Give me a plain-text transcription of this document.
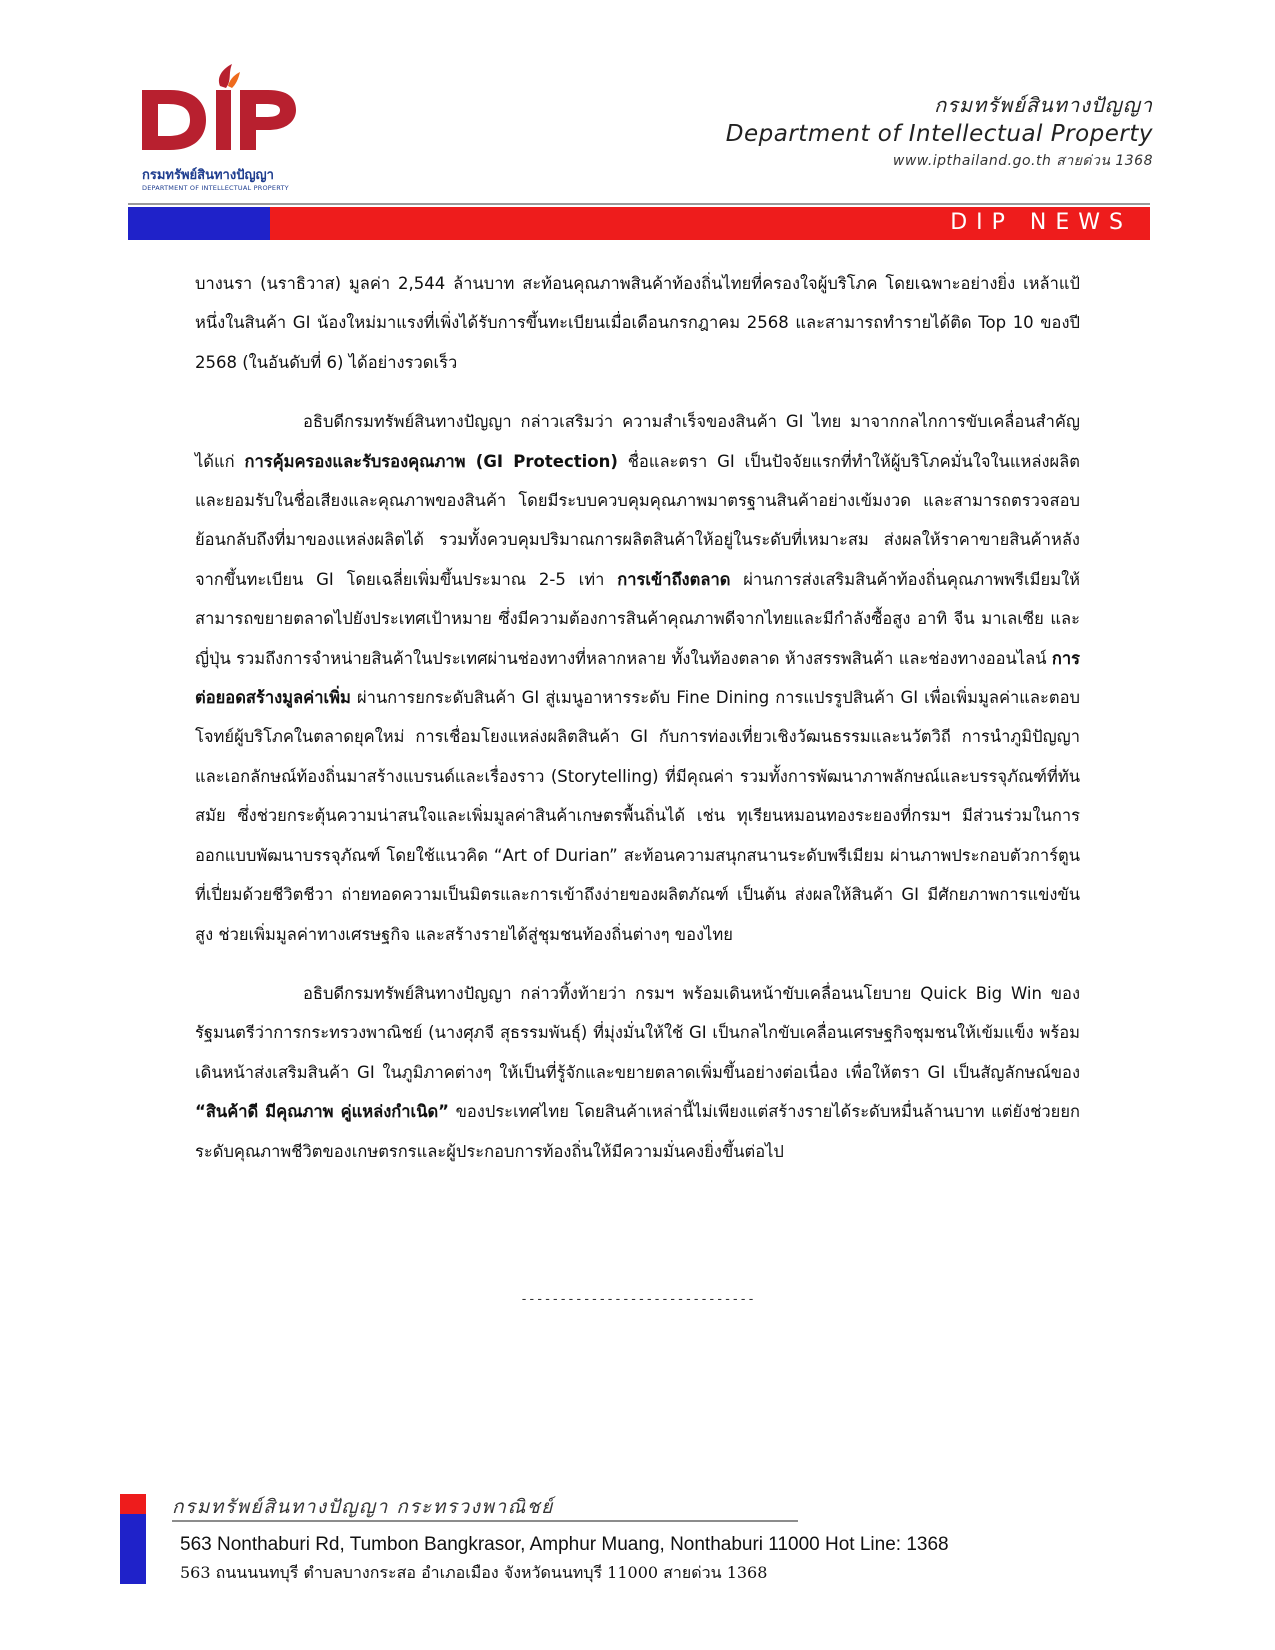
กรมทรัพย์สินทางปัญญา
DEPARTMENT OF INTELLECTUAL PROPERTY
กรมทรัพย์สินทางปัญญา
Department of Intellectual Property
www.ipthailand.go.th สายด่วน 1368
DIP NEWS

บางนรา (นราธิวาส) มูลค่า 2,544 ล้านบาท สะท้อนคุณภาพสินค้าท้องถิ่นไทยที่ครองใจผู้บริโภค โดยเฉพาะอย่างยิ่ง เหล้าแป้ หนึ่งในสินค้า GI น้องใหม่มาแรงที่เพิ่งได้รับการขึ้นทะเบียนเมื่อเดือนกรกฎาคม 2568 และสามารถทำรายได้ติด Top 10 ของปี 2568 (ในอันดับที่ 6) ได้อย่างรวดเร็ว

อธิบดีกรมทรัพย์สินทางปัญญา กล่าวเสริมว่า ความสำเร็จของสินค้า GI ไทย มาจากกลไกการขับเคลื่อนสำคัญ ได้แก่ การคุ้มครองและรับรองคุณภาพ (GI Protection) ชื่อและตรา GI เป็นปัจจัยแรกที่ทำให้ผู้บริโภคมั่นใจในแหล่งผลิต และยอมรับในชื่อเสียงและคุณภาพของสินค้า โดยมีระบบควบคุมคุณภาพมาตรฐานสินค้าอย่างเข้มงวด และสามารถตรวจสอบย้อนกลับถึงที่มาของแหล่งผลิตได้ รวมทั้งควบคุมปริมาณการผลิตสินค้าให้อยู่ในระดับที่เหมาะสม ส่งผลให้ราคาขายสินค้าหลังจากขึ้นทะเบียน GI โดยเฉลี่ยเพิ่มขึ้นประมาณ 2-5 เท่า การเข้าถึงตลาด ผ่านการส่งเสริมสินค้าท้องถิ่นคุณภาพพรีเมียมให้สามารถขยายตลาดไปยังประเทศเป้าหมาย ซึ่งมีความต้องการสินค้าคุณภาพดีจากไทยและมีกำลังซื้อสูง อาทิ จีน มาเลเซีย และญี่ปุ่น รวมถึงการจำหน่ายสินค้าในประเทศผ่านช่องทางที่หลากหลาย ทั้งในท้องตลาด ห้างสรรพสินค้า และช่องทางออนไลน์ การต่อยอดสร้างมูลค่าเพิ่ม ผ่านการยกระดับสินค้า GI สู่เมนูอาหารระดับ Fine Dining การแปรรูปสินค้า GI เพื่อเพิ่มมูลค่าและตอบโจทย์ผู้บริโภคในตลาดยุคใหม่ การเชื่อมโยงแหล่งผลิตสินค้า GI กับการท่องเที่ยวเชิงวัฒนธรรมและนวัตวิถี การนำภูมิปัญญาและเอกลักษณ์ท้องถิ่นมาสร้างแบรนด์และเรื่องราว (Storytelling) ที่มีคุณค่า รวมทั้งการพัฒนาภาพลักษณ์และบรรจุภัณฑ์ที่ทันสมัย ซึ่งช่วยกระตุ้นความน่าสนใจและเพิ่มมูลค่าสินค้าเกษตรพื้นถิ่นได้ เช่น ทุเรียนหมอนทองระยองที่กรมฯ มีส่วนร่วมในการออกแบบพัฒนาบรรจุภัณฑ์ โดยใช้แนวคิด “Art of Durian” สะท้อนความสนุกสนานระดับพรีเมียม ผ่านภาพประกอบตัวการ์ตูนที่เปี่ยมด้วยชีวิตชีวา ถ่ายทอดความเป็นมิตรและการเข้าถึงง่ายของผลิตภัณฑ์ เป็นต้น ส่งผลให้สินค้า GI มีศักยภาพการแข่งขันสูง ช่วยเพิ่มมูลค่าทางเศรษฐกิจ และสร้างรายได้สู่ชุมชนท้องถิ่นต่างๆ ของไทย

อธิบดีกรมทรัพย์สินทางปัญญา กล่าวทิ้งท้ายว่า กรมฯ พร้อมเดินหน้าขับเคลื่อนนโยบาย Quick Big Win ของรัฐมนตรีว่าการกระทรวงพาณิชย์ (นางศุภจี สุธรรมพันธุ์) ที่มุ่งมั่นให้ใช้ GI เป็นกลไกขับเคลื่อนเศรษฐกิจชุมชนให้เข้มแข็ง พร้อมเดินหน้าส่งเสริมสินค้า GI ในภูมิภาคต่างๆ ให้เป็นที่รู้จักและขยายตลาดเพิ่มขึ้นอย่างต่อเนื่อง เพื่อให้ตรา GI เป็นสัญลักษณ์ของ “สินค้าดี มีคุณภาพ คู่แหล่งกำเนิด” ของประเทศไทย โดยสินค้าเหล่านี้ไม่เพียงแต่สร้างรายได้ระดับหมื่นล้านบาท แต่ยังช่วยยกระดับคุณภาพชีวิตของเกษตรกรและผู้ประกอบการท้องถิ่นให้มีความมั่นคงยิ่งขึ้นต่อไป

------------------------------
กรมทรัพย์สินทางปัญญา กระทรวงพาณิชย์
563 Nonthaburi Rd, Tumbon Bangkrasor, Amphur Muang, Nonthaburi 11000 Hot Line: 1368
563 ถนนนนทบุรี ตำบลบางกระสอ อำเภอเมือง จังหวัดนนทบุรี 11000 สายด่วน 1368
